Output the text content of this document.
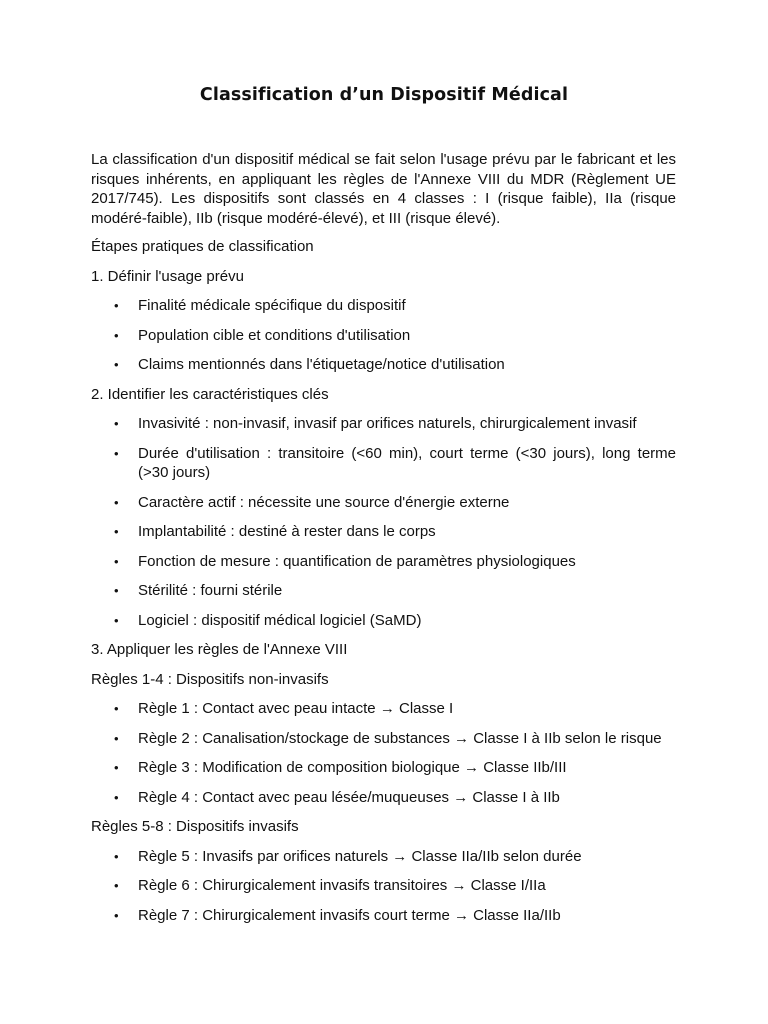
Classification d’un Dispositif Médical

La classification d'un dispositif médical se fait selon l'usage prévu par le fabricant et les risques inhérents, en appliquant les règles de l'Annexe VIII du MDR (Règlement UE 2017/745). Les dispositifs sont classés en 4 classes : I (risque faible), IIa (risque modéré-faible), IIb (risque modéré-élevé), et III (risque élevé).

Étapes pratiques de classification

1. Définir l'usage prévu

• Finalité médicale spécifique du dispositif
• Population cible et conditions d'utilisation
• Claims mentionnés dans l'étiquetage/notice d'utilisation

2. Identifier les caractéristiques clés

• Invasivité : non-invasif, invasif par orifices naturels, chirurgicalement invasif
• Durée d'utilisation : transitoire (<60 min), court terme (<30 jours), long terme (>30 jours)
• Caractère actif : nécessite une source d'énergie externe
• Implantabilité : destiné à rester dans le corps
• Fonction de mesure : quantification de paramètres physiologiques
• Stérilité : fourni stérile
• Logiciel : dispositif médical logiciel (SaMD)

3. Appliquer les règles de l'Annexe VIII

Règles 1-4 : Dispositifs non-invasifs

• Règle 1 : Contact avec peau intacte → Classe I
• Règle 2 : Canalisation/stockage de substances → Classe I à IIb selon le risque
• Règle 3 : Modification de composition biologique → Classe IIb/III
• Règle 4 : Contact avec peau lésée/muqueuses → Classe I à IIb

Règles 5-8 : Dispositifs invasifs

• Règle 5 : Invasifs par orifices naturels → Classe IIa/IIb selon durée
• Règle 6 : Chirurgicalement invasifs transitoires → Classe I/IIa
• Règle 7 : Chirurgicalement invasifs court terme → Classe IIa/IIb
